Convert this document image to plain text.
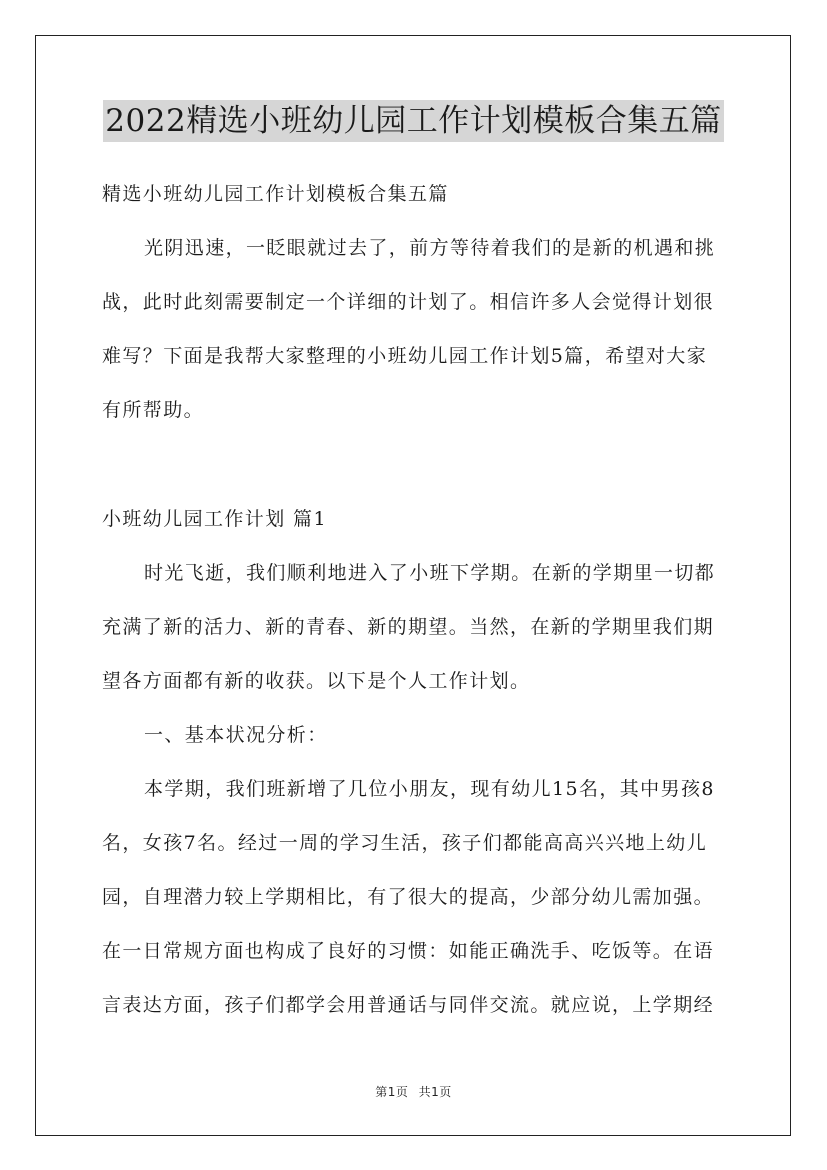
2022精选小班幼儿园工作计划模板合集五篇
精选小班幼儿园工作计划模板合集五篇
光阴迅速，一眨眼就过去了，前方等待着我们的是新的机遇和挑
战，此时此刻需要制定一个详细的计划了。相信许多人会觉得计划很
难写？下面是我帮大家整理的小班幼儿园工作计划5篇，希望对大家
有所帮助。
小班幼儿园工作计划 篇1
时光飞逝，我们顺利地进入了小班下学期。在新的学期里一切都
充满了新的活力、新的青春、新的期望。当然，在新的学期里我们期
望各方面都有新的收获。以下是个人工作计划。
一、基本状况分析：
本学期，我们班新增了几位小朋友，现有幼儿15名，其中男孩8
名，女孩7名。经过一周的学习生活，孩子们都能高高兴兴地上幼儿
园，自理潜力较上学期相比，有了很大的提高，少部分幼儿需加强。
在一日常规方面也构成了良好的习惯：如能正确洗手、吃饭等。在语
言表达方面，孩子们都学会用普通话与同伴交流。就应说，上学期经
第1页 共1页
